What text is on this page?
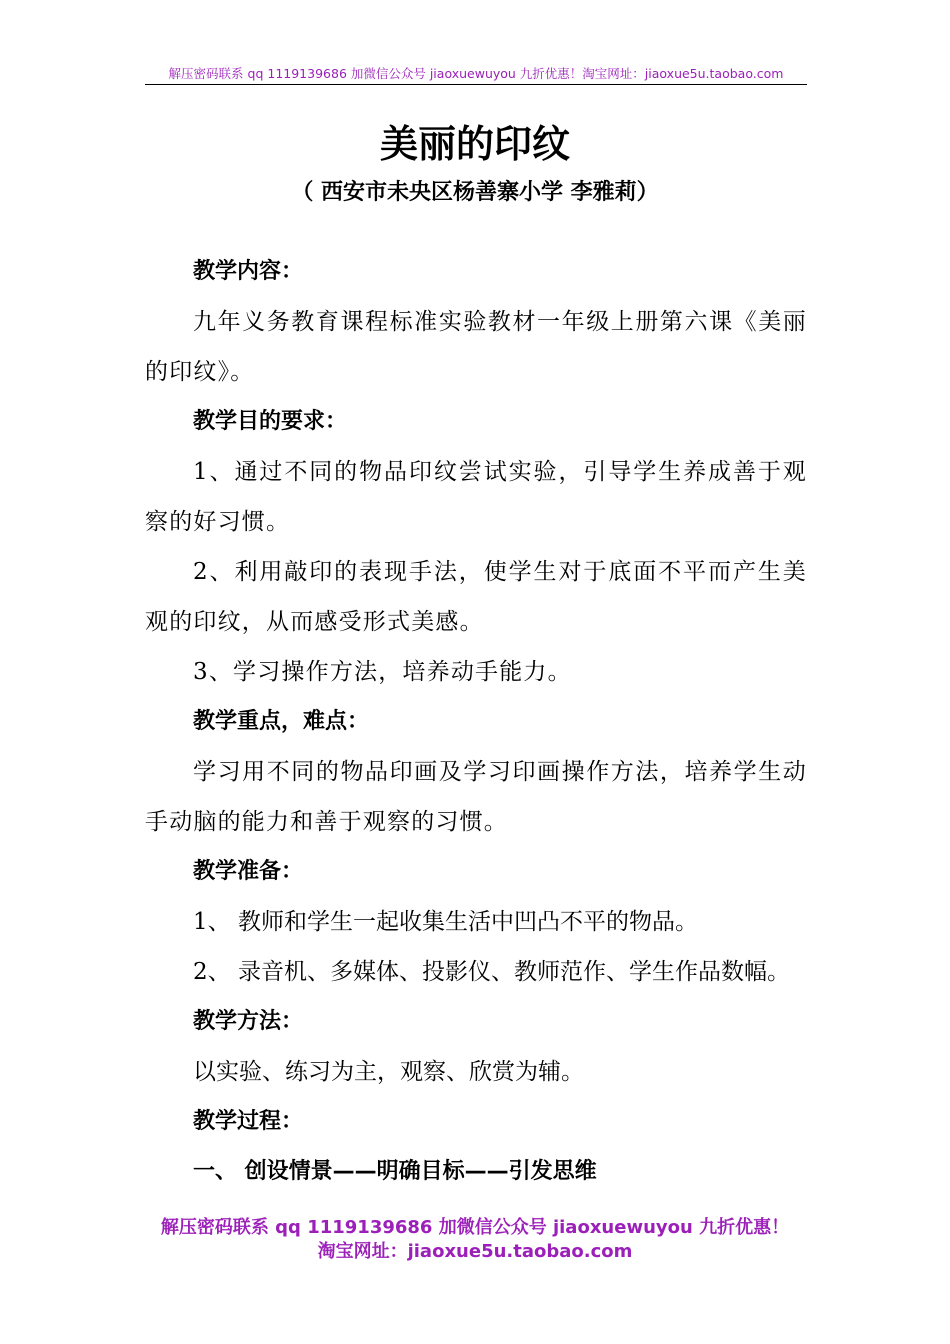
解压密码联系 qq 1119139686 加微信公众号 jiaoxuewuyou 九折优惠！淘宝网址：jiaoxue5u.taobao.com
美丽的印纹
（ 西安市未央区杨善寨小学 李雅莉）

教学内容：

九年义务教育课程标准实验教材一年级上册第六课《美丽的印纹》。

教学目的要求：

1、通过不同的物品印纹尝试实验，引导学生养成善于观察的好习惯。

2、利用敲印的表现手法，使学生对于底面不平而产生美观的印纹，从而感受形式美感。

3、学习操作方法，培养动手能力。

教学重点，难点：

学习用不同的物品印画及学习印画操作方法，培养学生动手动脑的能力和善于观察的习惯。

教学准备：

1、 教师和学生一起收集生活中凹凸不平的物品。

2、 录音机、多媒体、投影仪、教师范作、学生作品数幅。

教学方法：

以实验、练习为主，观察、欣赏为辅。

教学过程：

一、 创设情景——明确目标——引发思维

解压密码联系 qq 1119139686 加微信公众号 jiaoxuewuyou 九折优惠！
淘宝网址：jiaoxue5u.taobao.com
